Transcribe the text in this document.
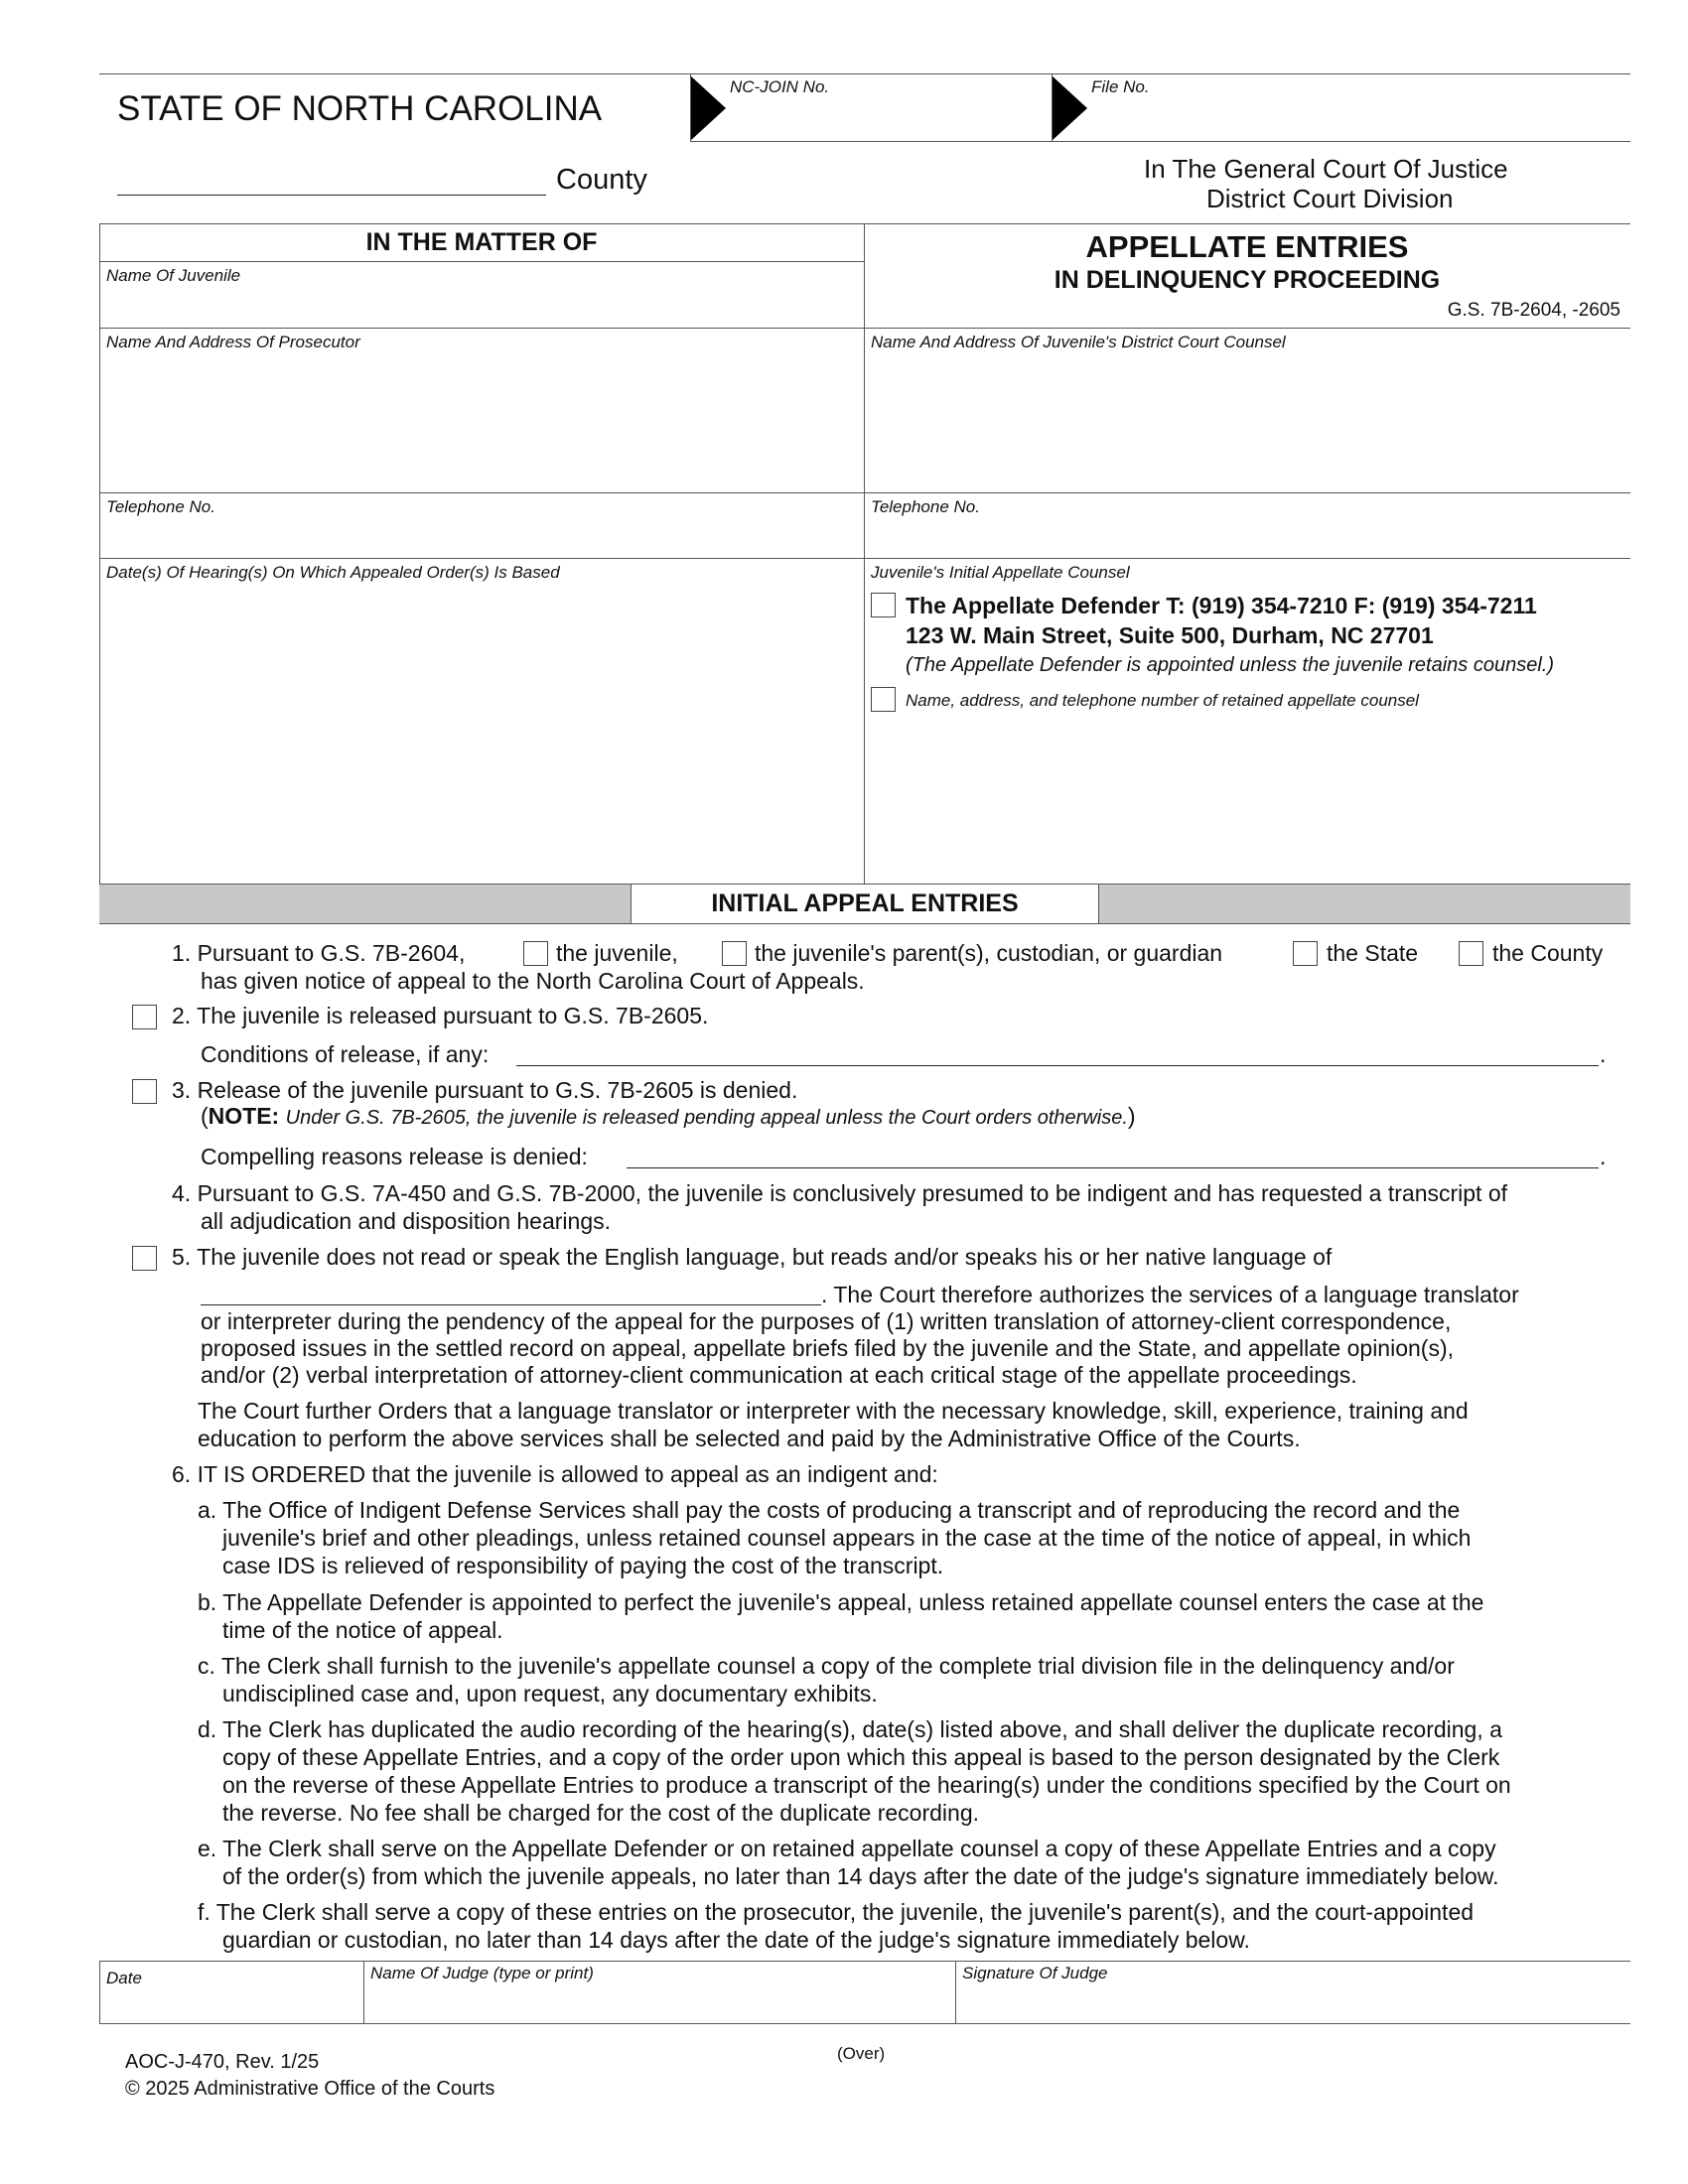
STATE OF NORTH CAROLINA
NC-JOIN No.	File No.
County	In The General Court Of Justice
District Court Division
IN THE MATTER OF
Name Of Juvenile
APPELLATE ENTRIES
IN DELINQUENCY PROCEEDING
G.S. 7B-2604, -2605
Name And Address Of Prosecutor	Name And Address Of Juvenile's District Court Counsel
Telephone No.	Telephone No.
Date(s) Of Hearing(s) On Which Appealed Order(s) Is Based	Juvenile's Initial Appellate Counsel
The Appellate Defender T: (919) 354-7210 F: (919) 354-7211
123 W. Main Street, Suite 500, Durham, NC 27701
(The Appellate Defender is appointed unless the juvenile retains counsel.)
Name, address, and telephone number of retained appellate counsel
INITIAL APPEAL ENTRIES
1. Pursuant to G.S. 7B-2604,	the juvenile,	the juvenile's parent(s), custodian, or guardian	the State	the County
has given notice of appeal to the North Carolina Court of Appeals.
2. The juvenile is released pursuant to G.S. 7B-2605.
Conditions of release, if any:	.
3. Release of the juvenile pursuant to G.S. 7B-2605 is denied.
(NOTE: Under G.S. 7B-2605, the juvenile is released pending appeal unless the Court orders otherwise.)
Compelling reasons release is denied:	.
4. Pursuant to G.S. 7A-450 and G.S. 7B-2000, the juvenile is conclusively presumed to be indigent and has requested a transcript of
all adjudication and disposition hearings.
5. The juvenile does not read or speak the English language, but reads and/or speaks his or her native language of
. The Court therefore authorizes the services of a language translator
or interpreter during the pendency of the appeal for the purposes of (1) written translation of attorney-client correspondence,
proposed issues in the settled record on appeal, appellate briefs filed by the juvenile and the State, and appellate opinion(s),
and/or (2) verbal interpretation of attorney-client communication at each critical stage of the appellate proceedings.
The Court further Orders that a language translator or interpreter with the necessary knowledge, skill, experience, training and
education to perform the above services shall be selected and paid by the Administrative Office of the Courts.
6. IT IS ORDERED that the juvenile is allowed to appeal as an indigent and:
a. The Office of Indigent Defense Services shall pay the costs of producing a transcript and of reproducing the record and the
juvenile's brief and other pleadings, unless retained counsel appears in the case at the time of the notice of appeal, in which
case IDS is relieved of responsibility of paying the cost of the transcript.
b. The Appellate Defender is appointed to perfect the juvenile's appeal, unless retained appellate counsel enters the case at the
time of the notice of appeal.
c. The Clerk shall furnish to the juvenile's appellate counsel a copy of the complete trial division file in the delinquency and/or
undisciplined case and, upon request, any documentary exhibits.
d. The Clerk has duplicated the audio recording of the hearing(s), date(s) listed above, and shall deliver the duplicate recording, a
copy of these Appellate Entries, and a copy of the order upon which this appeal is based to the person designated by the Clerk
on the reverse of these Appellate Entries to produce a transcript of the hearing(s) under the conditions specified by the Court on
the reverse. No fee shall be charged for the cost of the duplicate recording.
e. The Clerk shall serve on the Appellate Defender or on retained appellate counsel a copy of these Appellate Entries and a copy
of the order(s) from which the juvenile appeals, no later than 14 days after the date of the judge's signature immediately below.
f. The Clerk shall serve a copy of these entries on the prosecutor, the juvenile, the juvenile's parent(s), and the court-appointed
guardian or custodian, no later than 14 days after the date of the judge's signature immediately below.
Date	Name Of Judge (type or print)	Signature Of Judge
AOC-J-470, Rev. 1/25
© 2025 Administrative Office of the Courts
(Over)
